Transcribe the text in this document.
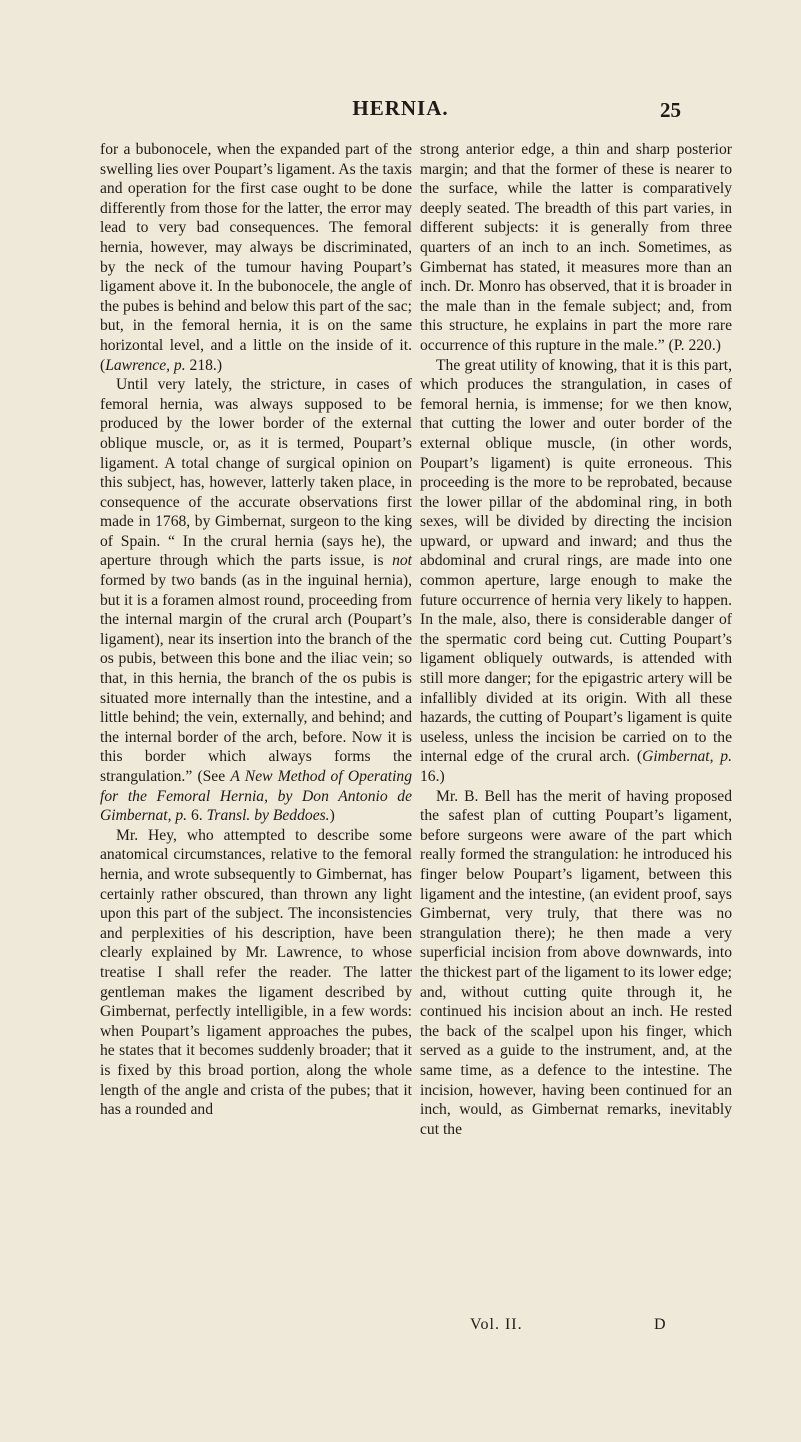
HERNIA.	25

for a bubonocele, when the expanded part of the swelling lies over Poupart’s ligament. As the taxis and operation for the first case ought to be done differently from those for the latter, the error may lead to very bad consequences. The femoral hernia, however, may always be discriminated, by the neck of the tumour having Poupart’s ligament above it. In the bubonocele, the angle of the pubes is behind and below this part of the sac; but, in the femoral hernia, it is on the same horizontal level, and a little on the inside of it. (Lawrence, p. 218.)

Until very lately, the stricture, in cases of femoral hernia, was always supposed to be produced by the lower border of the external oblique muscle, or, as it is termed, Poupart’s ligament. A total change of surgical opinion on this subject, has, however, latterly taken place, in consequence of the accurate observations first made in 1768, by Gimbernat, surgeon to the king of Spain. “ In the crural hernia (says he), the aperture through which the parts issue, is not formed by two bands (as in the inguinal hernia), but it is a foramen almost round, proceeding from the internal margin of the crural arch (Poupart’s ligament), near its insertion into the branch of the os pubis, between this bone and the iliac vein; so that, in this hernia, the branch of the os pubis is situated more internally than the intestine, and a little behind; the vein, externally, and behind; and the internal border of the arch, before. Now it is this border which always forms the strangulation.” (See A New Method of Operating for the Femoral Hernia, by Don Antonio de Gimbernat, p. 6. Transl. by Beddoes.)

Mr. Hey, who attempted to describe some anatomical circumstances, relative to the femoral hernia, and wrote subsequently to Gimbernat, has certainly rather obscured, than thrown any light upon this part of the subject. The inconsistencies and perplexities of his description, have been clearly explained by Mr. Lawrence, to whose treatise I shall refer the reader. The latter gentleman makes the ligament described by Gimbernat, perfectly intelligible, in a few words: when Poupart’s ligament approaches the pubes, he states that it becomes suddenly broader; that it is fixed by this broad portion, along the whole length of the angle and crista of the pubes; that it has a rounded and

strong anterior edge, a thin and sharp posterior margin; and that the former of these is nearer to the surface, while the latter is comparatively deeply seated. The breadth of this part varies, in different subjects: it is generally from three quarters of an inch to an inch. Sometimes, as Gimbernat has stated, it measures more than an inch. Dr. Monro has observed, that it is broader in the male than in the female subject; and, from this structure, he explains in part the more rare occurrence of this rupture in the male.” (P. 220.)

The great utility of knowing, that it is this part, which produces the strangulation, in cases of femoral hernia, is immense; for we then know, that cutting the lower and outer border of the external oblique muscle, (in other words, Poupart’s ligament) is quite erroneous. This proceeding is the more to be reprobated, because the lower pillar of the abdominal ring, in both sexes, will be divided by directing the incision upward, or upward and inward; and thus the abdominal and crural rings, are made into one common aperture, large enough to make the future occurrence of hernia very likely to happen. In the male, also, there is considerable danger of the spermatic cord being cut. Cutting Poupart’s ligament obliquely outwards, is attended with still more danger; for the epigastric artery will be infallibly divided at its origin. With all these hazards, the cutting of Poupart’s ligament is quite useless, unless the incision be carried on to the internal edge of the crural arch. (Gimbernat, p. 16.)

Mr. B. Bell has the merit of having proposed the safest plan of cutting Poupart’s ligament, before surgeons were aware of the part which really formed the strangulation: he introduced his finger below Poupart’s ligament, between this ligament and the intestine, (an evident proof, says Gimbernat, very truly, that there was no strangulation there); he then made a very superficial incision from above downwards, into the thickest part of the ligament to its lower edge; and, without cutting quite through it, he continued his incision about an inch. He rested the back of the scalpel upon his finger, which served as a guide to the instrument, and, at the same time, as a defence to the intestine. The incision, however, having been continued for an inch, would, as Gimbernat remarks, inevitably cut the

Vol. II.	D
